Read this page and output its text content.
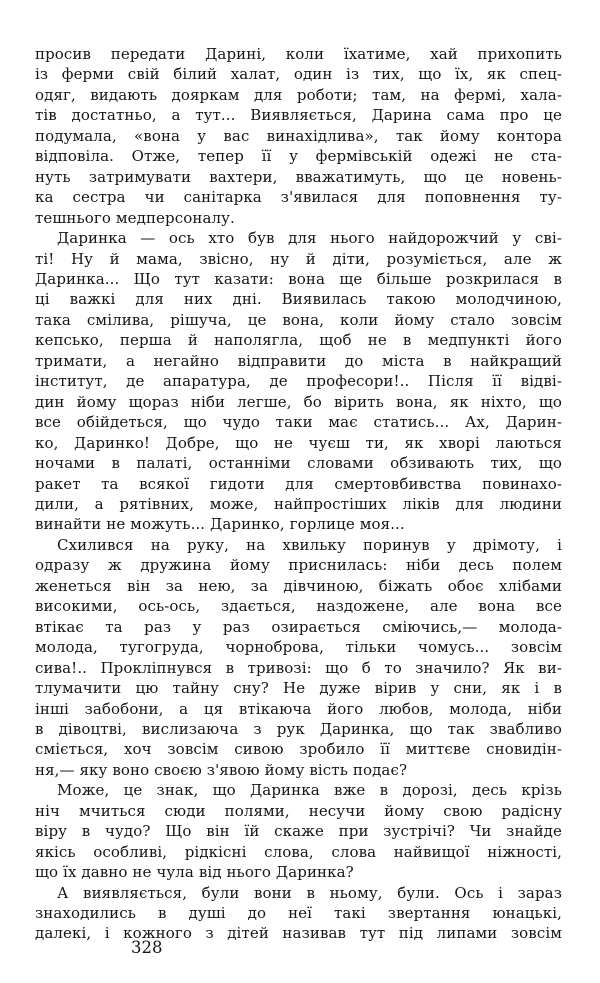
просив передати Дарині, коли їхатиме, хай прихопить
із ферми свій білий халат, один із тих, що їх, як спец-
одяг, видають дояркам для роботи; там, на фермі, хала-
тів достатньо, а тут... Виявляється, Дарина сама про це
подумала, «вона у вас винахідлива», так йому контора
відповіла. Отже, тепер її у фермівській одежі не ста-
нуть затримувати вахтери, вважатимуть, що це новень-
ка сестра чи санітарка з'явилася для поповнення ту-
тешнього медперсоналу.
Даринка — ось хто був для нього найдорожчий у сві-
ті! Ну й мама, звісно, ну й діти, розуміється, але ж
Даринка... Що тут казати: вона ще більше розкрилася в
ці важкі для них дні. Виявилась такою молодчиною,
така смілива, рішуча, це вона, коли йому стало зовсім
кепсько, перша й наполягла, щоб не в медпункті його
тримати, а негайно відправити до міста в найкращий
інститут, де апаратура, де професори!.. Після її відві-
дин йому щораз ніби легше, бо вірить вона, як ніхто, що
все обійдеться, що чудо таки має статись... Ах, Дарин-
ко, Даринко! Добре, що не чуєш ти, як хворі лаються
ночами в палаті, останніми словами обзивають тих, що
ракет та всякої гидоти для смертовбивства повинахо-
дили, а рятівних, може, найпростіших ліків для людини
винайти не можуть... Даринко, горлице моя...
Схилився на руку, на хвильку поринув у дрімоту, і
одразу ж дружина йому приснилась: ніби десь полем
женеться він за нею, за дівчиною, біжать обоє хлібами
високими, ось-ось, здається, наздожене, але вона все
втікає та раз у раз озирається сміючись,— молода-
молода, тугогруда, чорноброва, тільки чомусь... зовсім
сива!.. Прокліпнувся в тривозі: що б то значило? Як ви-
тлумачити цю тайну сну? Не дуже вірив у сни, як і в
інші забобони, а ця втікаюча його любов, молода, ніби
в дівоцтві, вислизаюча з рук Даринка, що так звабливо
сміється, хоч зовсім сивою зробило її миттєве сновидін-
ня,— яку воно своєю з'явою йому вість подає?
Може, це знак, що Даринка вже в дорозі, десь крізь
ніч мчиться сюди полями, несучи йому свою радісну
віру в чудо? Що він їй скаже при зустрічі? Чи знайде
якісь особливі, рідкісні слова, слова найвищої ніжності,
що їх давно не чула від нього Даринка?
А виявляється, були вони в ньому, були. Ось і зараз
знаходились в душі до неї такі звертання юнацькі,
далекі, і кожного з дітей називав тут під липами зовсім
328
